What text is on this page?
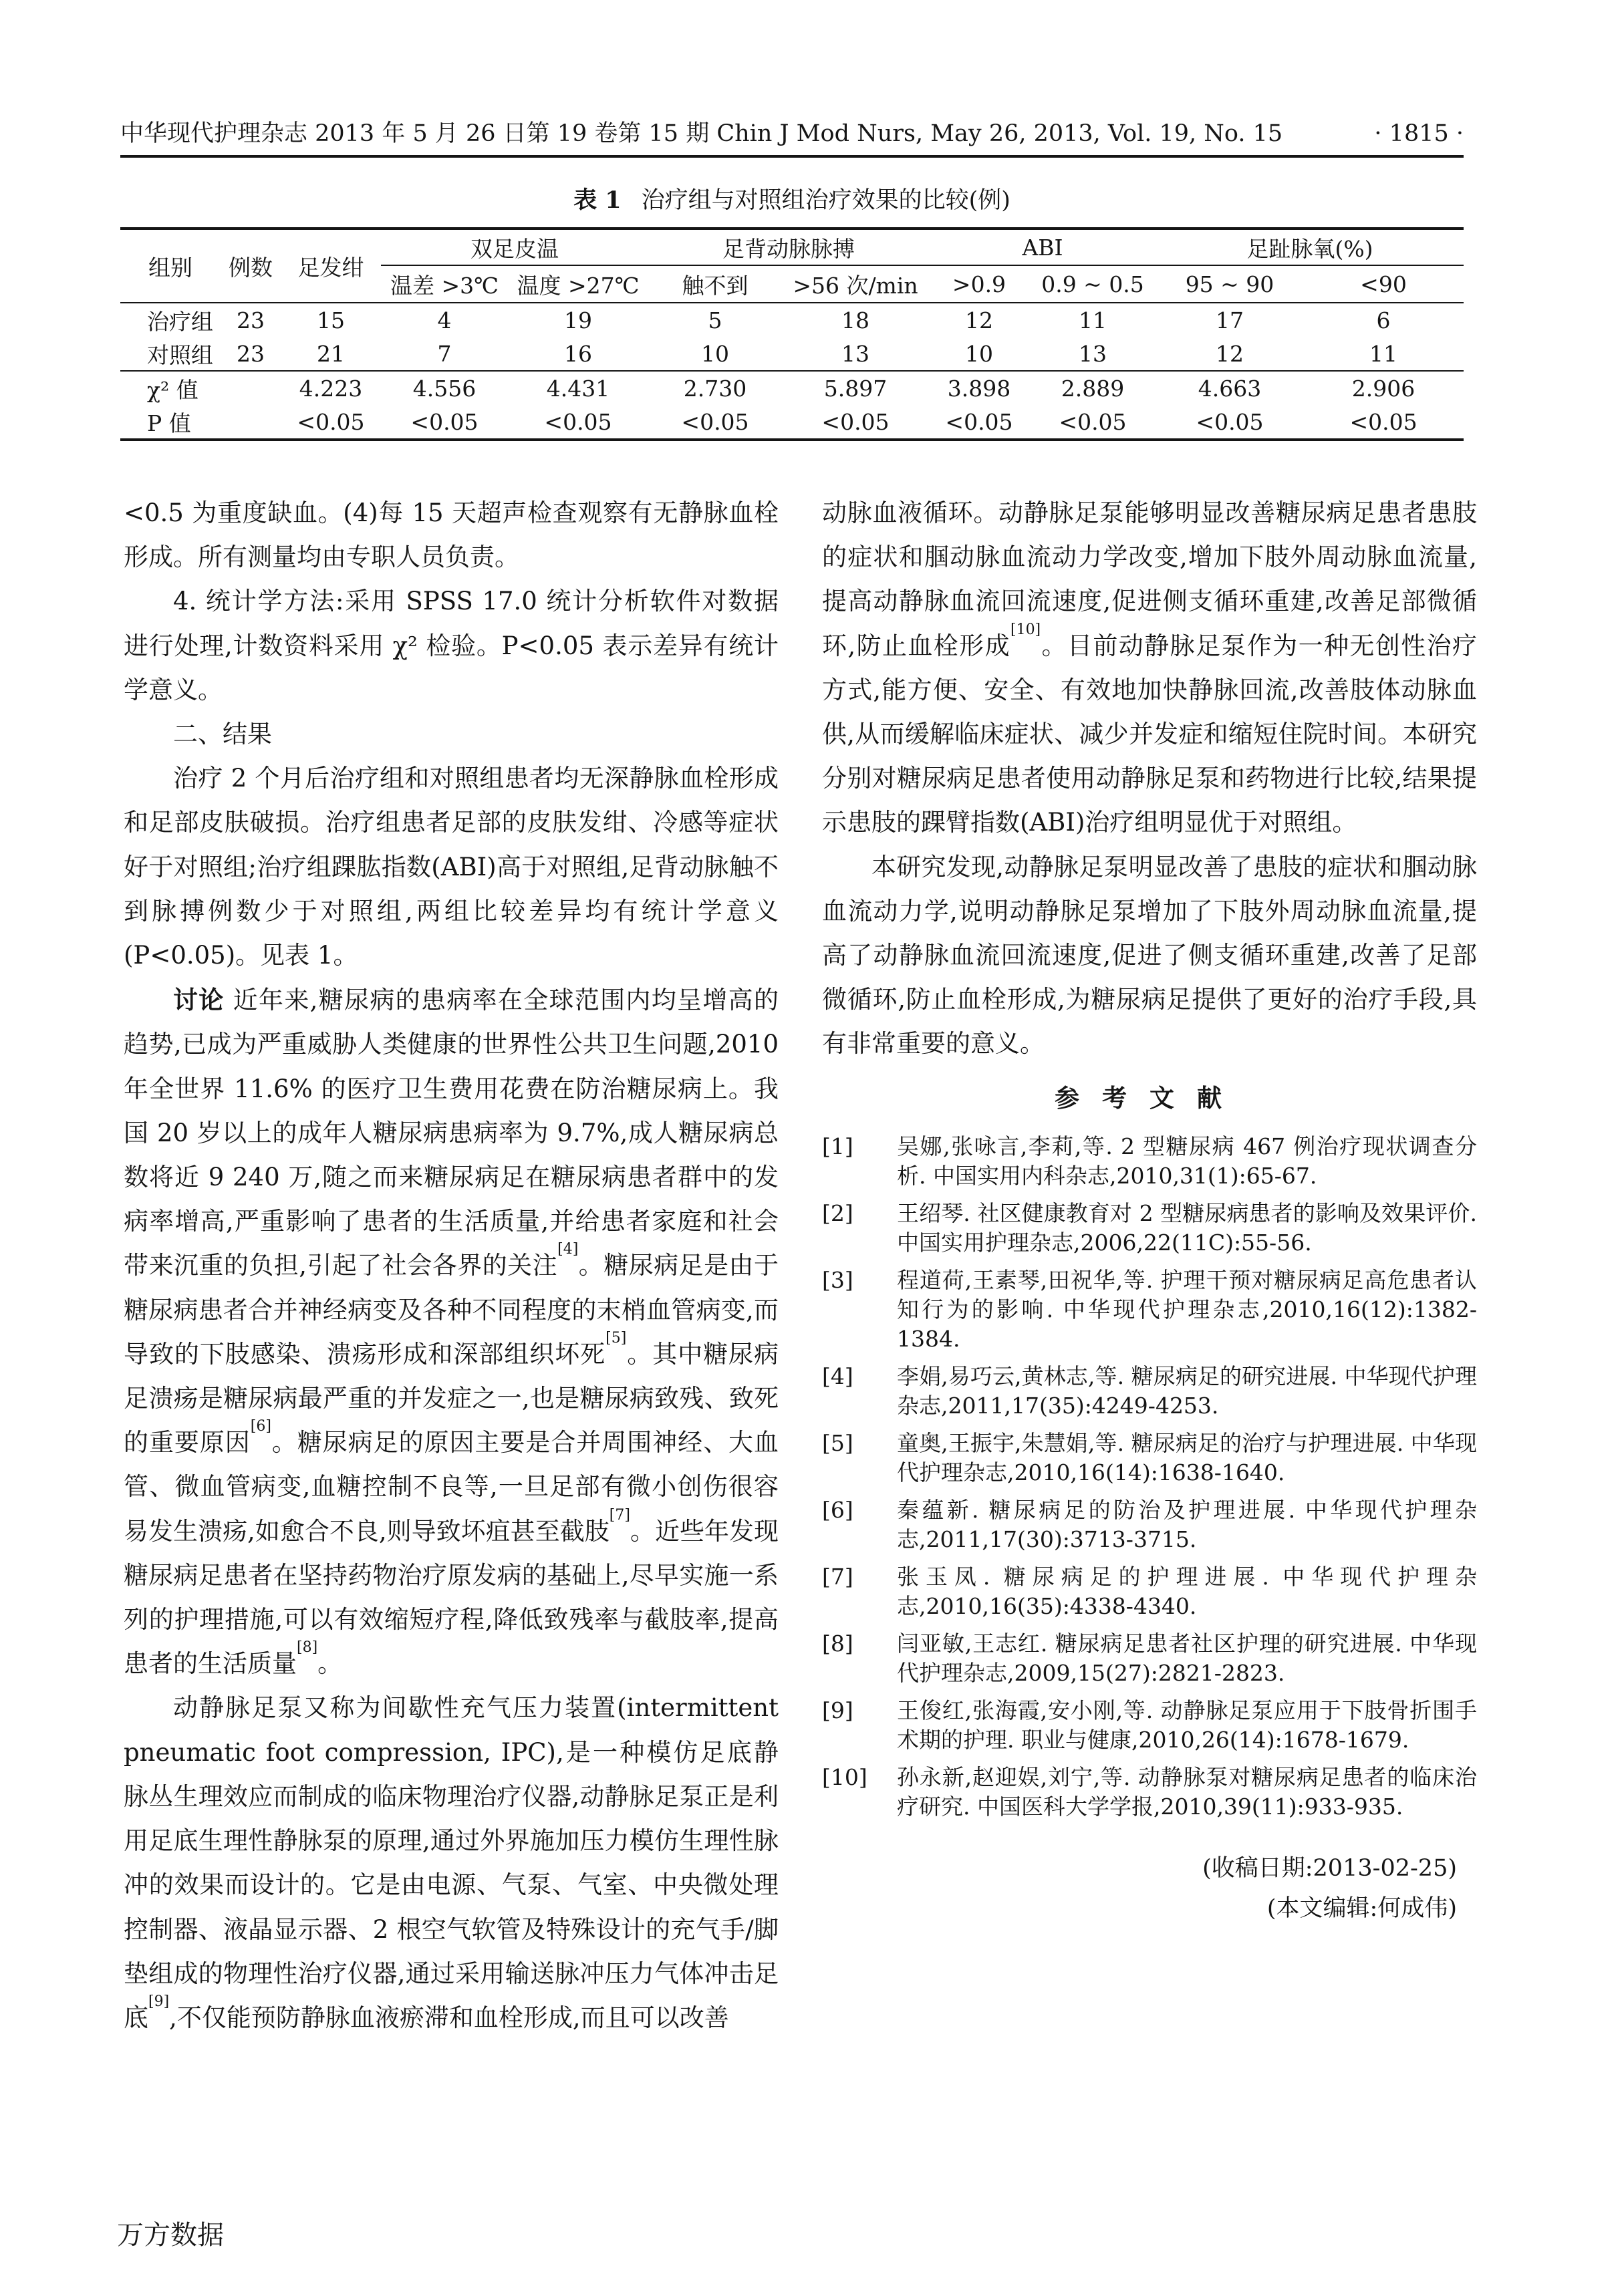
中华现代护理杂志 2013 年 5 月 26 日第 19 卷第 15 期 Chin J Mod Nurs, May 26, 2013, Vol. 19, No. 15	· 1815 ·
表 1 治疗组与对照组治疗效果的比较(例)
组别	例数	足发绀	双足皮温		足背动脉脉搏		ABI		足趾脉氧(%)	
			温差 >3℃	温度 >27℃	触不到	>56 次/min	>0.9	0.9 ~ 0.5	95 ~ 90	<90
治疗组	23	15	4	19	5	18	12	11	17	6
对照组	23	21	7	16	10	13	10	13	12	11
χ² 值		4.223	4.556	4.431	2.730	5.897	3.898	2.889	4.663	2.906
P 值		<0.05	<0.05	<0.05	<0.05	<0.05	<0.05	<0.05	<0.05	<0.05

<0.5 为重度缺血。(4)每 15 天超声检查观察有无静脉血栓形成。所有测量均由专职人员负责。

4. 统计学方法:采用 SPSS 17.0 统计分析软件对数据进行处理,计数资料采用 χ² 检验。P<0.05 表示差异有统计学意义。

二、结果

治疗 2 个月后治疗组和对照组患者均无深静脉血栓形成和足部皮肤破损。治疗组患者足部的皮肤发绀、冷感等症状好于对照组;治疗组踝肱指数(ABI)高于对照组,足背动脉触不到脉搏例数少于对照组,两组比较差异均有统计学意义(P<0.05)。见表 1。

讨论 近年来,糖尿病的患病率在全球范围内均呈增高的趋势,已成为严重威胁人类健康的世界性公共卫生问题,2010 年全世界 11.6% 的医疗卫生费用花费在防治糖尿病上。我国 20 岁以上的成年人糖尿病患病率为 9.7%,成人糖尿病总数将近 9 240 万,随之而来糖尿病足在糖尿病患者群中的发病率增高,严重影响了患者的生活质量,并给患者家庭和社会带来沉重的负担,引起了社会各界的关注[4]。糖尿病足是由于糖尿病患者合并神经病变及各种不同程度的末梢血管病变,而导致的下肢感染、溃疡形成和深部组织坏死[5]。其中糖尿病足溃疡是糖尿病最严重的并发症之一,也是糖尿病致残、致死的重要原因[6]。糖尿病足的原因主要是合并周围神经、大血管、微血管病变,血糖控制不良等,一旦足部有微小创伤很容易发生溃疡,如愈合不良,则导致坏疽甚至截肢[7]。近些年发现糖尿病足患者在坚持药物治疗原发病的基础上,尽早实施一系列的护理措施,可以有效缩短疗程,降低致残率与截肢率,提高患者的生活质量[8]。

动静脉足泵又称为间歇性充气压力装置(intermittent pneumatic foot compression, IPC),是一种模仿足底静脉丛生理效应而制成的临床物理治疗仪器,动静脉足泵正是利用足底生理性静脉泵的原理,通过外界施加压力模仿生理性脉冲的效果而设计的。它是由电源、气泵、气室、中央微处理控制器、液晶显示器、2 根空气软管及特殊设计的充气手/脚垫组成的物理性治疗仪器,通过采用输送脉冲压力气体冲击足底[9],不仅能预防静脉血液瘀滞和血栓形成,而且可以改善

动脉血液循环。动静脉足泵能够明显改善糖尿病足患者患肢的症状和腘动脉血流动力学改变,增加下肢外周动脉血流量,提高动静脉血流回流速度,促进侧支循环重建,改善足部微循环,防止血栓形成[10]。目前动静脉足泵作为一种无创性治疗方式,能方便、安全、有效地加快静脉回流,改善肢体动脉血供,从而缓解临床症状、减少并发症和缩短住院时间。本研究分别对糖尿病足患者使用动静脉足泵和药物进行比较,结果提示患肢的踝臂指数(ABI)治疗组明显优于对照组。

本研究发现,动静脉足泵明显改善了患肢的症状和腘动脉血流动力学,说明动静脉足泵增加了下肢外周动脉血流量,提高了动静脉血流回流速度,促进了侧支循环重建,改善了足部微循环,防止血栓形成,为糖尿病足提供了更好的治疗手段,具有非常重要的意义。

参考文献

[1]	吴娜,张咏言,李莉,等. 2 型糖尿病 467 例治疗现状调查分析. 中国实用内科杂志,2010,31(1):65-67.
[2]	王绍琴. 社区健康教育对 2 型糖尿病患者的影响及效果评价. 中国实用护理杂志,2006,22(11C):55-56.
[3]	程道荷,王素琴,田祝华,等. 护理干预对糖尿病足高危患者认知行为的影响. 中华现代护理杂志,2010,16(12):1382-1384.
[4]	李娟,易巧云,黄林志,等. 糖尿病足的研究进展. 中华现代护理杂志,2011,17(35):4249-4253.
[5]	童奥,王振宇,朱慧娟,等. 糖尿病足的治疗与护理进展. 中华现代护理杂志,2010,16(14):1638-1640.
[6]	秦蕴新. 糖尿病足的防治及护理进展. 中华现代护理杂志,2011,17(30):3713-3715.
[7]	张玉凤. 糖尿病足的护理进展. 中华现代护理杂志,2010,16(35):4338-4340.
[8]	闫亚敏,王志红. 糖尿病足患者社区护理的研究进展. 中华现代护理杂志,2009,15(27):2821-2823.
[9]	王俊红,张海霞,安小刚,等. 动静脉足泵应用于下肢骨折围手术期的护理. 职业与健康,2010,26(14):1678-1679.
[10]	孙永新,赵迎娱,刘宁,等. 动静脉泵对糖尿病足患者的临床治疗研究. 中国医科大学学报,2010,39(11):933-935.
(收稿日期:2013-02-25)
(本文编辑:何成伟)
万方数据
